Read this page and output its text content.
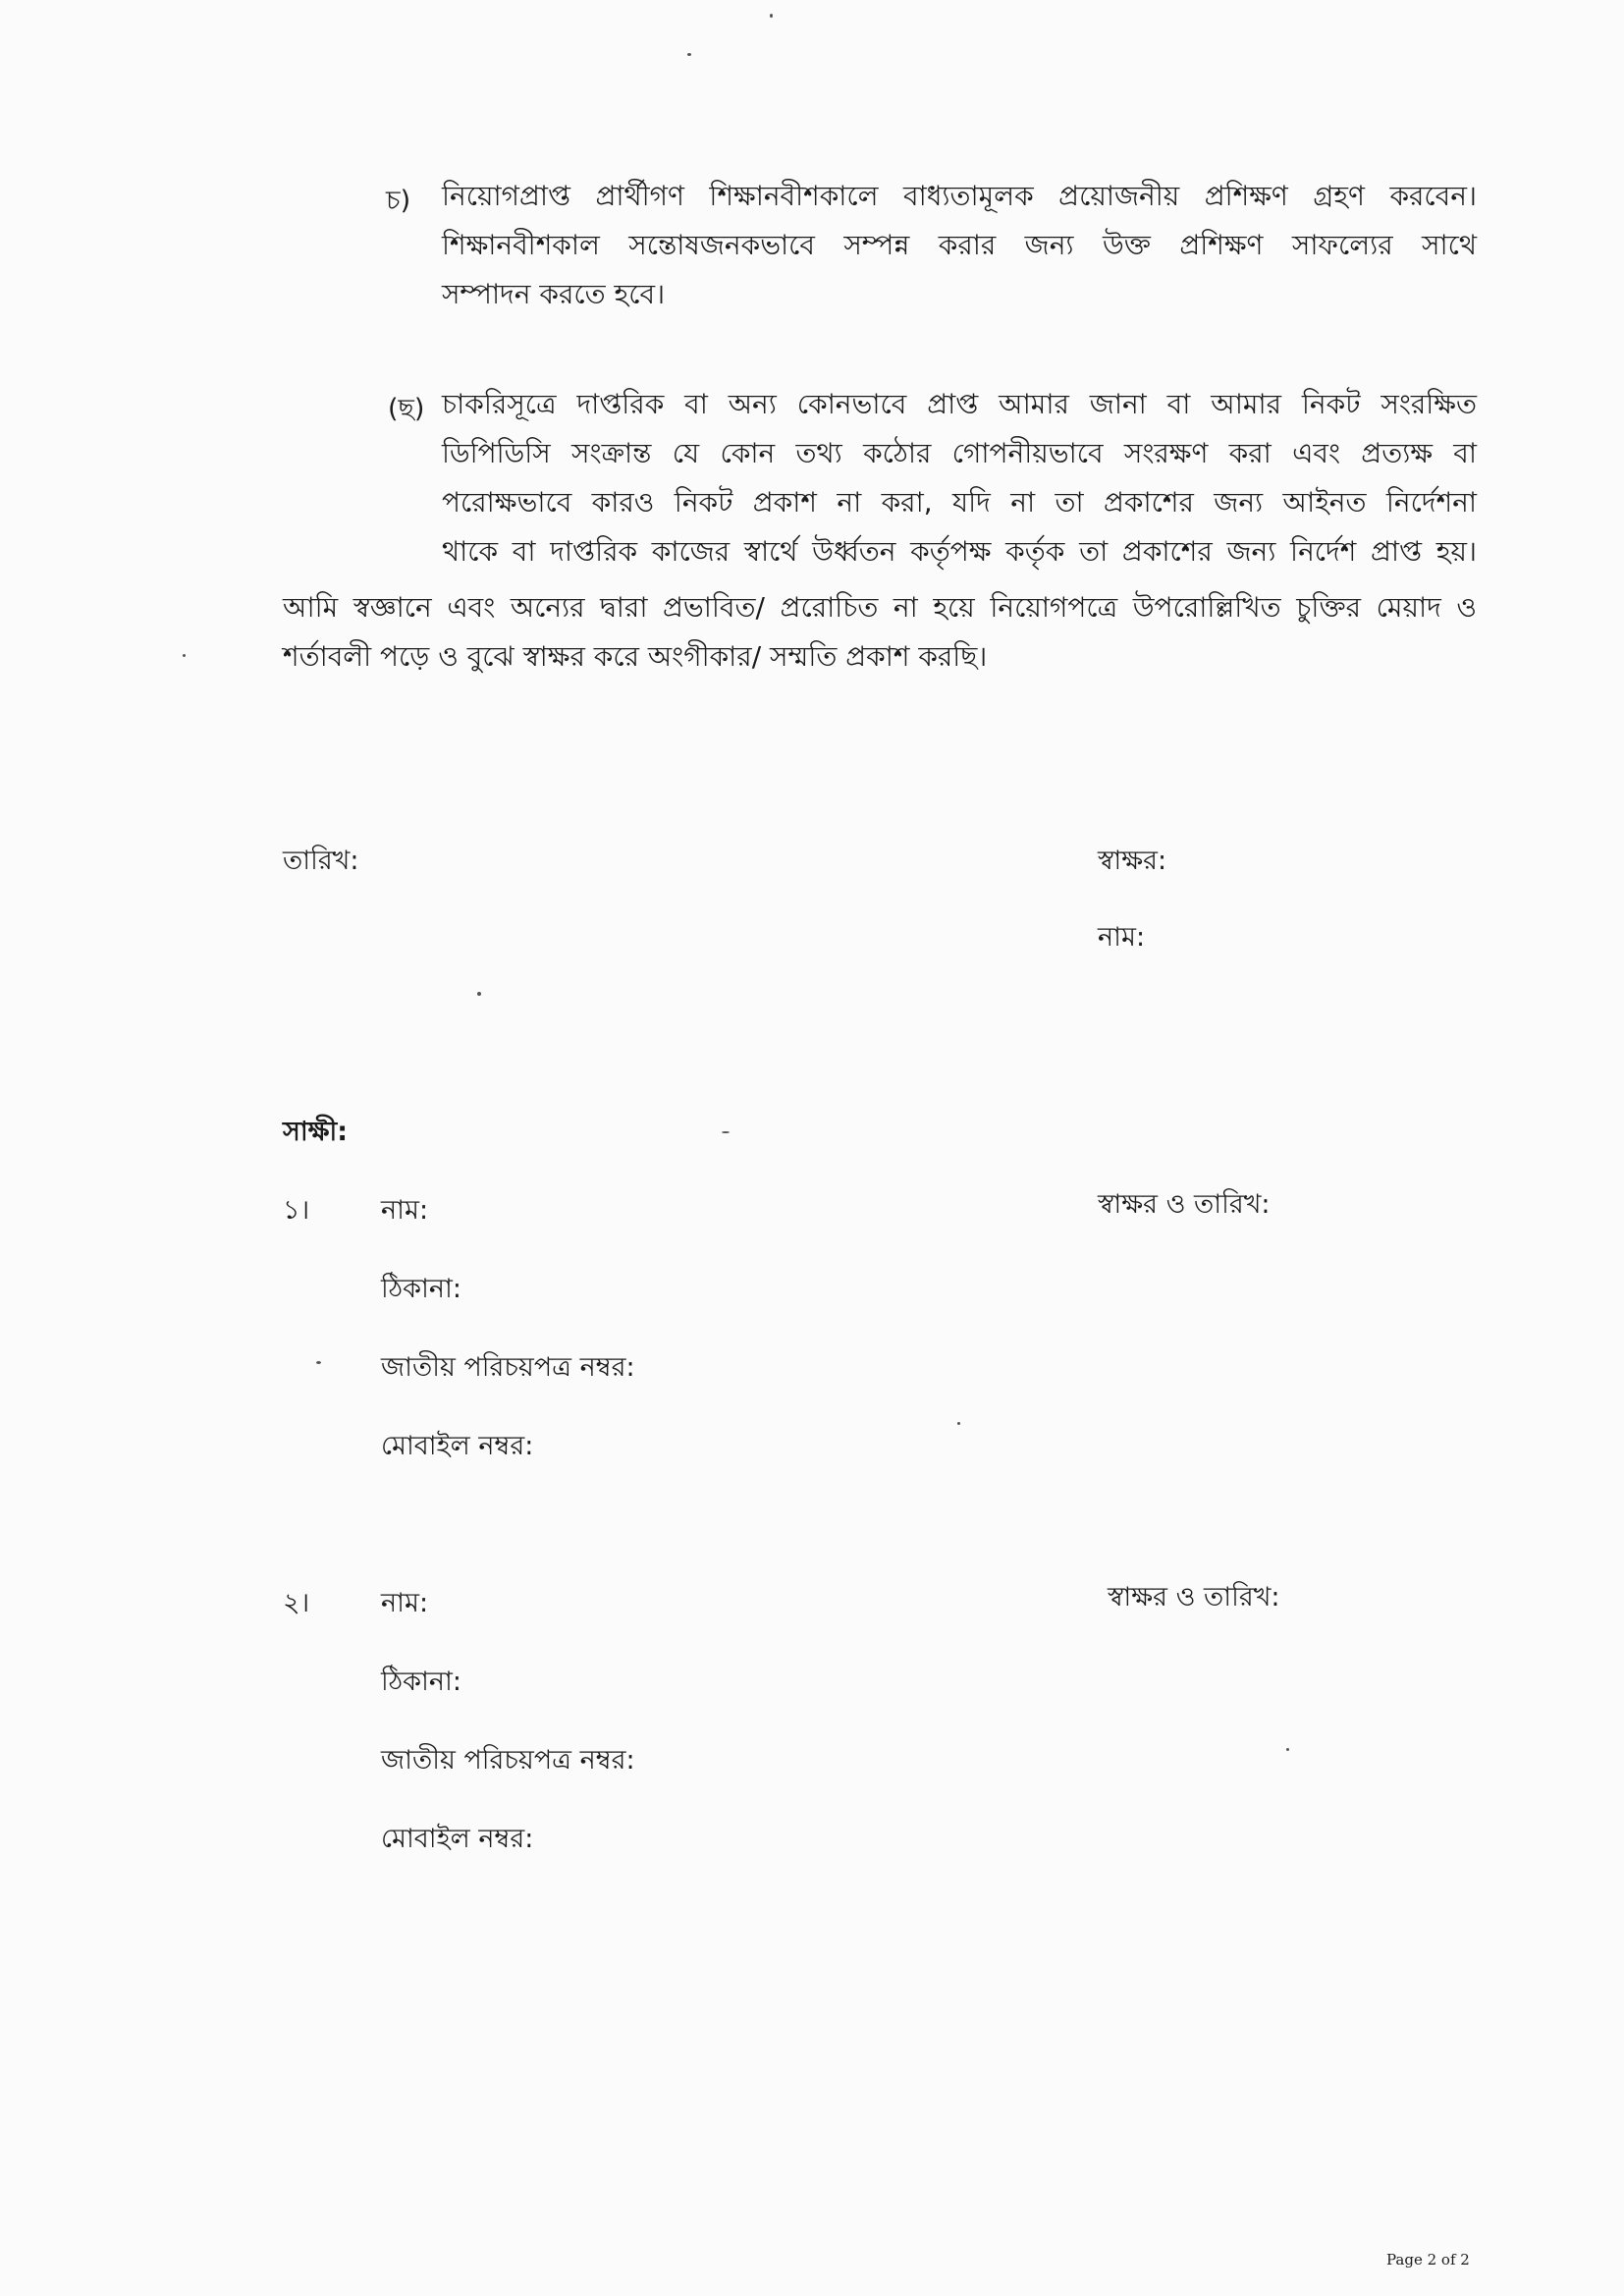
চ) নিয়োগপ্রাপ্ত প্রার্থীগণ শিক্ষানবীশকালে বাধ্যতামূলক প্রয়োজনীয় প্রশিক্ষণ গ্রহণ করবেন।
শিক্ষানবীশকাল সন্তোষজনকভাবে সম্পন্ন করার জন্য উক্ত প্রশিক্ষণ সাফল্যের সাথে
সম্পাদন করতে হবে।
(ছ) চাকরিসূত্রে দাপ্তরিক বা অন্য কোনভাবে প্রাপ্ত আমার জানা বা আমার নিকট সংরক্ষিত
ডিপিডিসি সংক্রান্ত যে কোন তথ্য কঠোর গোপনীয়ভাবে সংরক্ষণ করা এবং প্রত্যক্ষ বা
পরোক্ষভাবে কারও নিকট প্রকাশ না করা, যদি না তা প্রকাশের জন্য আইনত নির্দেশনা
থাকে বা দাপ্তরিক কাজের স্বার্থে উর্ধ্বতন কর্তৃপক্ষ কর্তৃক তা প্রকাশের জন্য নির্দেশ প্রাপ্ত হয়।
আমি স্বজ্ঞানে এবং অন্যের দ্বারা প্রভাবিত/ প্ররোচিত না হয়ে নিয়োগপত্রে উপরোল্লিখিত চুক্তির মেয়াদ ও
শর্তাবলী পড়ে ও বুঝে স্বাক্ষর করে অংগীকার/ সম্মতি প্রকাশ করছি।
তারিখ:	স্বাক্ষর:
নাম:
সাক্ষী:
১।	নাম:	স্বাক্ষর ও তারিখ:
ঠিকানা:
জাতীয় পরিচয়পত্র নম্বর:
মোবাইল নম্বর:
২।	নাম:	স্বাক্ষর ও তারিখ:
ঠিকানা:
জাতীয় পরিচয়পত্র নম্বর:
মোবাইল নম্বর:
Page 2 of 2
